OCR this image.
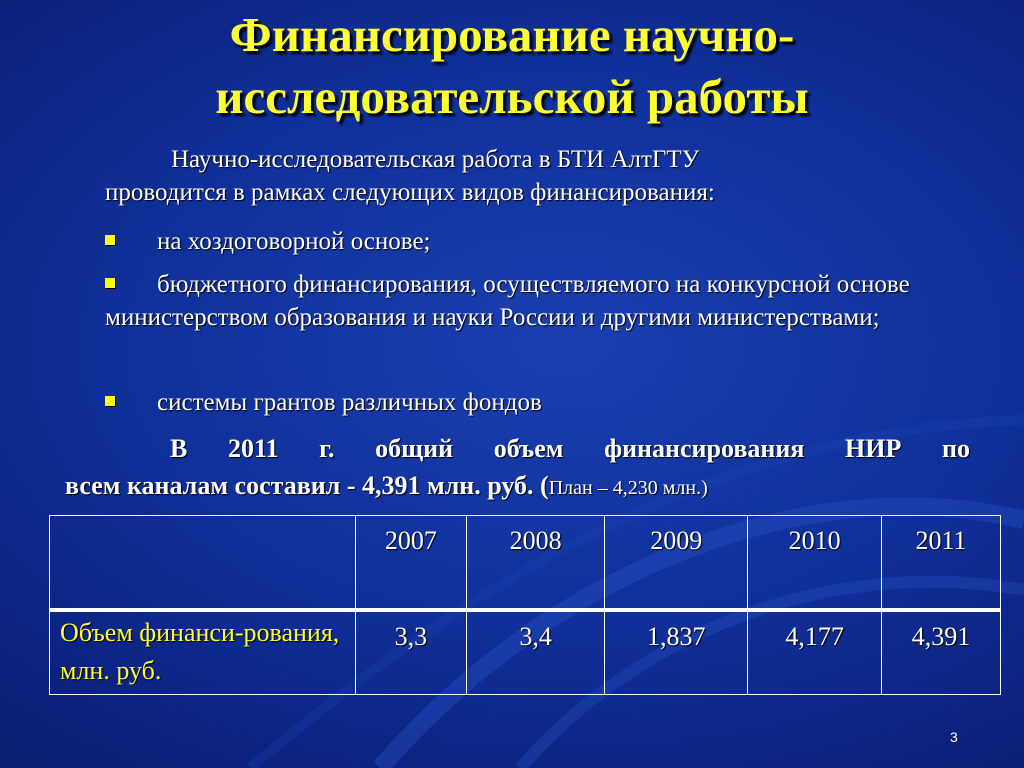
Финансирование научно-
исследовательской работы
Научно-исследовательская работа в БТИ АлтГТУ
проводится в рамках следующих видов финансирования:
на хоздоговорной основе;
бюджетного финансирования, осуществляемого на конкурсной основе министерством образования и науки России и другими министерствами;
системы грантов различных фондов
В 2011 г. общий объем финансирования НИР по
всем каналам составил - 4,391 млн. руб. (План – 4,230 млн.)
	2007	2008	2009	2010	2011
Объем финанси-рования, млн. руб.	3,3	3,4	1,837	4,177	4,391
3
